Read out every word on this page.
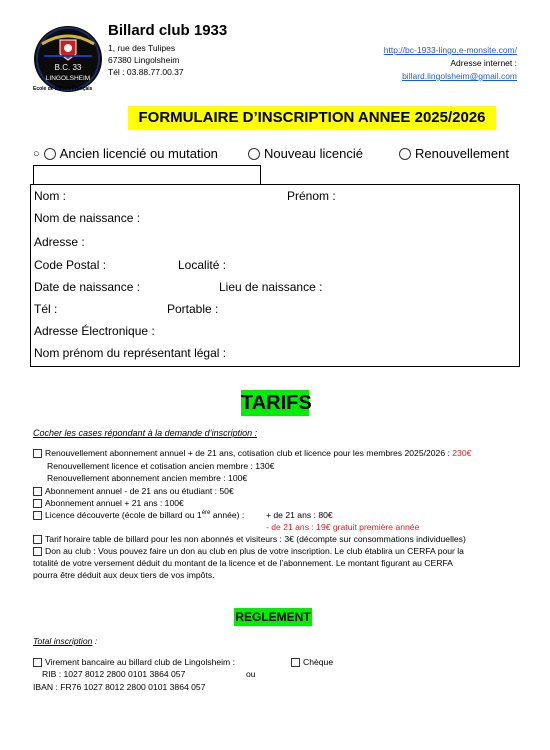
B.C. 33
LINGOLSHEIM
Ecole de Billard Français
Billard club 1933
1, rue des Tulipes
67380 Lingolsheim
Tél : 03.88.77.00.37
http://bc-1933-lingo.e-monsite.com/
Adresse internet :
billard.lingolsheim@gmail.com
FORMULAIRE D’INSCRIPTION ANNEE 2025/2026
○ Ancien licencié ou mutation	Nouveau licencié	Renouvellement
Nom :	Prénom :
Nom de naissance :
Adresse :
Code Postal :	Localité :
Date de naissance :	Lieu de naissance :
Tél :	Portable :
Adresse Électronique :
Nom prénom du représentant légal :
TARIFS
Cocher les cases répondant à la demande d’inscription :
Renouvellement abonnement annuel + de 21 ans, cotisation club et licence pour les membres 2025/2026 : 230€
Renouvellement licence et cotisation ancien membre : 130€
Renouvellement abonnement ancien membre : 100€
Abonnement annuel - de 21 ans ou étudiant : 50€
Abonnement annuel + 21 ans : 100€
Licence découverte (école de billard ou 1ère année) :	+ de 21 ans : 80€
- de 21 ans : 19€ gratuit première année
Tarif horaire table de billard pour les non abonnés et visiteurs : 3€ (décompte sur consommations individuelles)
Don au club : Vous pouvez faire un don au club en plus de votre inscription. Le club établira un CERFA pour la
totalité de votre versement déduit du montant de la licence et de l’abonnement. Le montant figurant au CERFA
pourra être déduit aux deux tiers de vos impôts.
REGLEMENT
Total inscription :
Virement bancaire au billard club de Lingolsheim :	Chèque
RIB : 1027 8012 2800 0101 3864 057	ou
IBAN : FR76 1027 8012 2800 0101 3864 057
